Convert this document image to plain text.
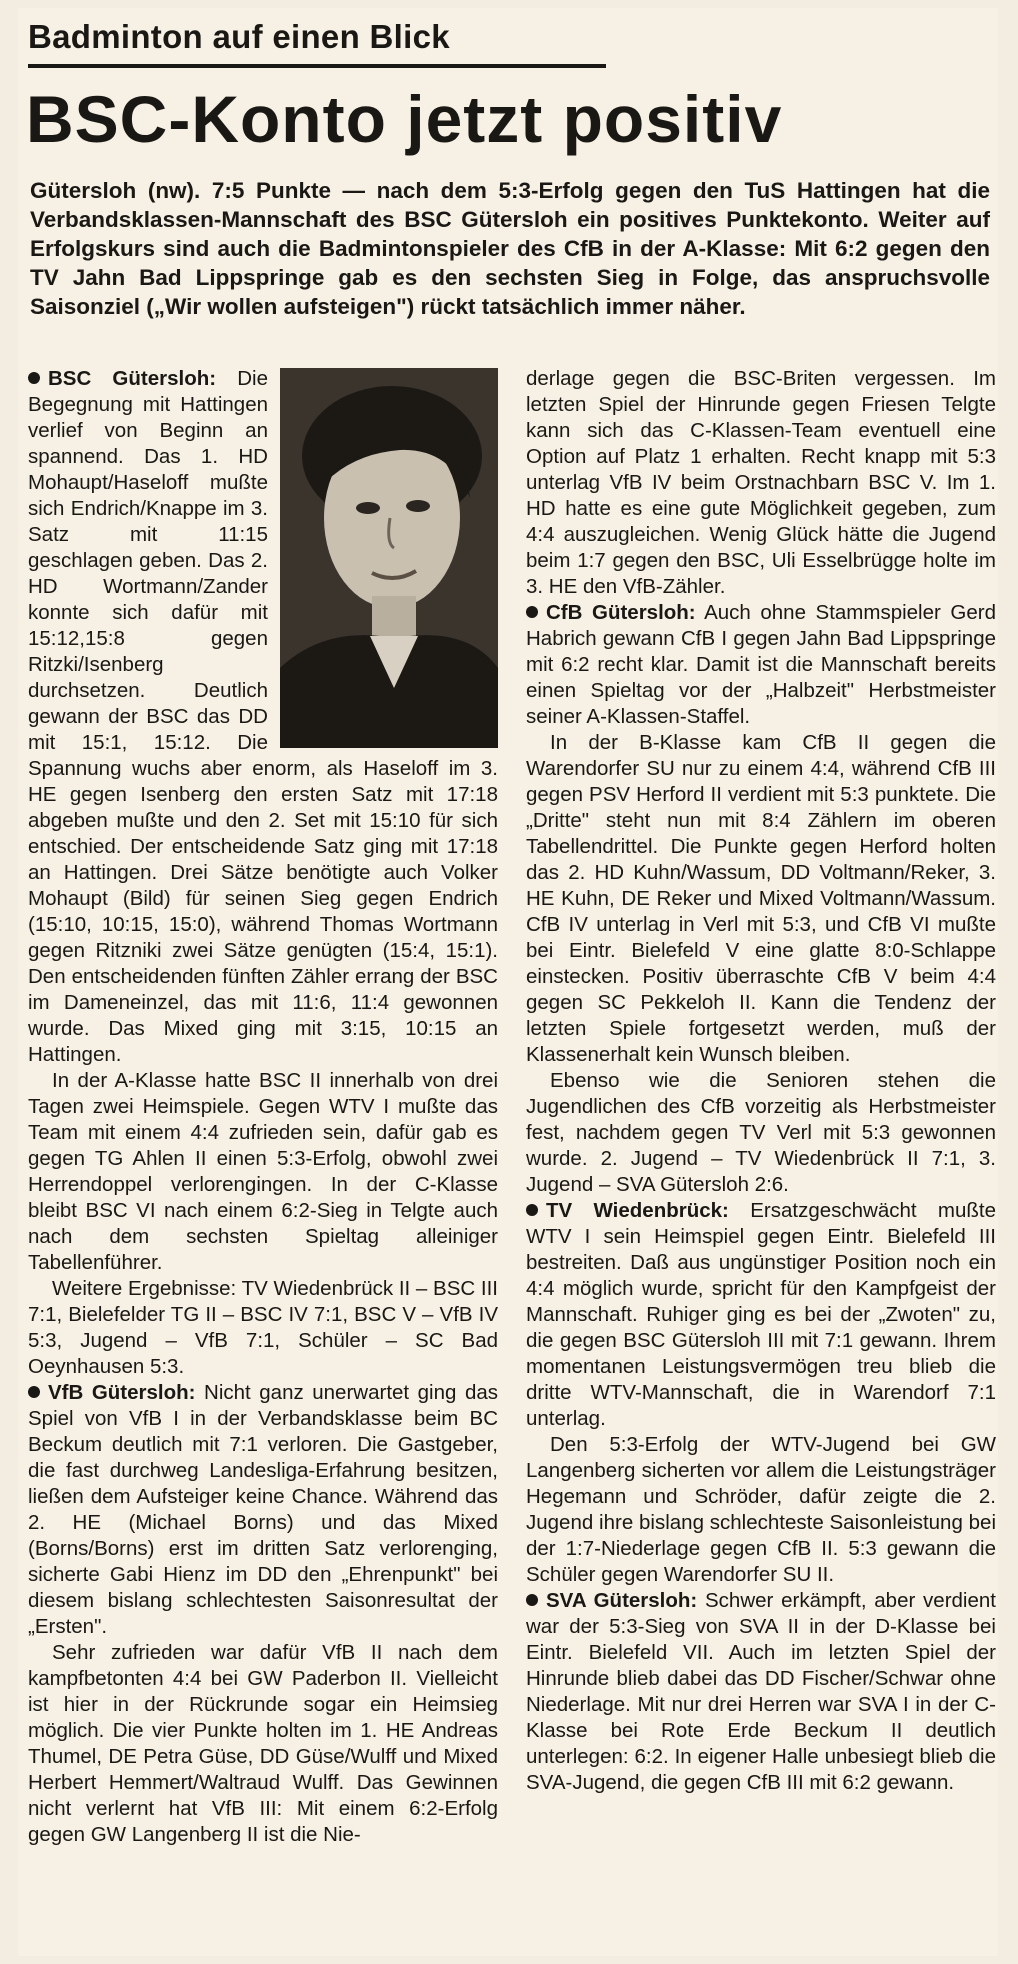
Badminton auf einen Blick
BSC-Konto jetzt positiv
Gütersloh (nw). 7:5 Punkte — nach dem 5:3-Erfolg gegen den TuS Hattingen hat die Verbandsklassen-Mannschaft des BSC Gütersloh ein positives Punktekonto. Weiter auf Erfolgskurs sind auch die Badmintonspieler des CfB in der A-Klasse: Mit 6:2 gegen den TV Jahn Bad Lippspringe gab es den sechsten Sieg in Folge, das anspruchsvolle Saisonziel („Wir wollen aufsteigen") rückt tatsächlich immer näher.

BSC Gütersloh: Die Begegnung mit Hattingen verlief von Beginn an spannend. Das 1. HD Mohaupt/Haseloff mußte sich Endrich/Knappe im 3. Satz mit 11:15 geschlagen geben. Das 2. HD Wortmann/Zander konnte sich dafür mit 15:12,15:8 gegen Ritzki/Isenberg durchsetzen. Deutlich gewann der BSC das DD mit 15:1, 15:12. Die Spannung wuchs aber enorm, als Haseloff im 3. HE gegen Isenberg den ersten Satz mit 17:18 abgeben mußte und den 2. Set mit 15:10 für sich entschied. Der entscheidende Satz ging mit 17:18 an Hattingen. Drei Sätze benötigte auch Volker Mohaupt (Bild) für seinen Sieg gegen Endrich (15:10, 10:15, 15:0), während Thomas Wortmann gegen Ritzniki zwei Sätze genügten (15:4, 15:1). Den entscheidenden fünften Zähler errang der BSC im Dameneinzel, das mit 11:6, 11:4 gewonnen wurde. Das Mixed ging mit 3:15, 10:15 an Hattingen.

In der A-Klasse hatte BSC II innerhalb von drei Tagen zwei Heimspiele. Gegen WTV I mußte das Team mit einem 4:4 zufrieden sein, dafür gab es gegen TG Ahlen II einen 5:3-Erfolg, obwohl zwei Herrendoppel verlorengingen. In der C-Klasse bleibt BSC VI nach einem 6:2-Sieg in Telgte auch nach dem sechsten Spieltag alleiniger Tabellenführer.

Weitere Ergebnisse: TV Wiedenbrück II – BSC III 7:1, Bielefelder TG II – BSC IV 7:1, BSC V – VfB IV 5:3, Jugend – VfB 7:1, Schüler – SC Bad Oeynhausen 5:3.

VfB Gütersloh: Nicht ganz unerwartet ging das Spiel von VfB I in der Verbandsklasse beim BC Beckum deutlich mit 7:1 verloren. Die Gastgeber, die fast durchweg Landesliga-Erfahrung besitzen, ließen dem Aufsteiger keine Chance. Während das 2. HE (Michael Borns) und das Mixed (Borns/Borns) erst im dritten Satz verlorenging, sicherte Gabi Hienz im DD den „Ehrenpunkt" bei diesem bislang schlechtesten Saisonresultat der „Ersten".

Sehr zufrieden war dafür VfB II nach dem kampfbetonten 4:4 bei GW Paderbon II. Vielleicht ist hier in der Rückrunde sogar ein Heimsieg möglich. Die vier Punkte holten im 1. HE Andreas Thumel, DE Petra Güse, DD Güse/Wulff und Mixed Herbert Hemmert/Waltraud Wulff. Das Gewinnen nicht verlernt hat VfB III: Mit einem 6:2-Erfolg gegen GW Langenberg II ist die Nie-

derlage gegen die BSC-Briten vergessen. Im letzten Spiel der Hinrunde gegen Friesen Telgte kann sich das C-Klassen-Team eventuell eine Option auf Platz 1 erhalten. Recht knapp mit 5:3 unterlag VfB IV beim Orstnachbarn BSC V. Im 1. HD hatte es eine gute Möglichkeit gegeben, zum 4:4 auszugleichen. Wenig Glück hätte die Jugend beim 1:7 gegen den BSC, Uli Esselbrügge holte im 3. HE den VfB-Zähler.

CfB Gütersloh: Auch ohne Stammspieler Gerd Habrich gewann CfB I gegen Jahn Bad Lippspringe mit 6:2 recht klar. Damit ist die Mannschaft bereits einen Spieltag vor der „Halbzeit" Herbstmeister seiner A-Klassen-Staffel.

In der B-Klasse kam CfB II gegen die Warendorfer SU nur zu einem 4:4, während CfB III gegen PSV Herford II verdient mit 5:3 punktete. Die „Dritte" steht nun mit 8:4 Zählern im oberen Tabellendrittel. Die Punkte gegen Herford holten das 2. HD Kuhn/Wassum, DD Voltmann/Reker, 3. HE Kuhn, DE Reker und Mixed Voltmann/Wassum. CfB IV unterlag in Verl mit 5:3, und CfB VI mußte bei Eintr. Bielefeld V eine glatte 8:0-Schlappe einstecken. Positiv überraschte CfB V beim 4:4 gegen SC Pekkeloh II. Kann die Tendenz der letzten Spiele fortgesetzt werden, muß der Klassenerhalt kein Wunsch bleiben.

Ebenso wie die Senioren stehen die Jugendlichen des CfB vorzeitig als Herbstmeister fest, nachdem gegen TV Verl mit 5:3 gewonnen wurde. 2. Jugend – TV Wiedenbrück II 7:1, 3. Jugend – SVA Gütersloh 2:6.

TV Wiedenbrück: Ersatzgeschwächt mußte WTV I sein Heimspiel gegen Eintr. Bielefeld III bestreiten. Daß aus ungünstiger Position noch ein 4:4 möglich wurde, spricht für den Kampfgeist der Mannschaft. Ruhiger ging es bei der „Zwoten" zu, die gegen BSC Gütersloh III mit 7:1 gewann. Ihrem momentanen Leistungsvermögen treu blieb die dritte WTV-Mannschaft, die in Warendorf 7:1 unterlag.

Den 5:3-Erfolg der WTV-Jugend bei GW Langenberg sicherten vor allem die Leistungsträger Hegemann und Schröder, dafür zeigte die 2. Jugend ihre bislang schlechteste Saisonleistung bei der 1:7-Niederlage gegen CfB II. 5:3 gewann die Schüler gegen Warendorfer SU II.

SVA Gütersloh: Schwer erkämpft, aber verdient war der 5:3-Sieg von SVA II in der D-Klasse bei Eintr. Bielefeld VII. Auch im letzten Spiel der Hinrunde blieb dabei das DD Fischer/Schwar ohne Niederlage. Mit nur drei Herren war SVA I in der C-Klasse bei Rote Erde Beckum II deutlich unterlegen: 6:2. In eigener Halle unbesiegt blieb die SVA-Jugend, die gegen CfB III mit 6:2 gewann.
